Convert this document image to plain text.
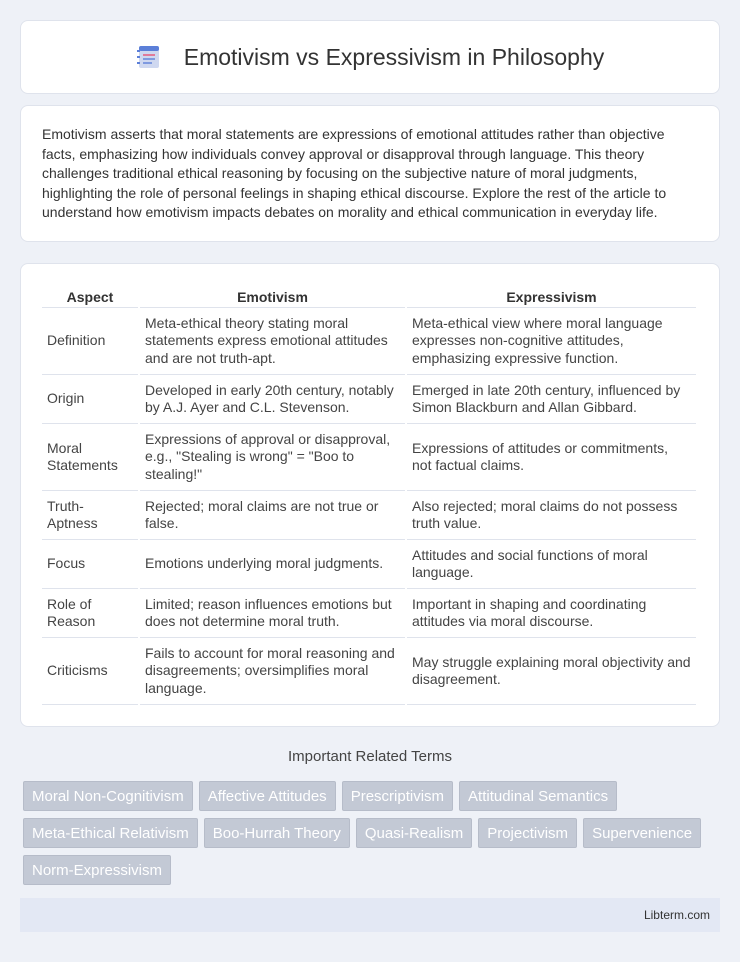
Emotivism vs Expressivism in Philosophy

Emotivism asserts that moral statements are expressions of emotional attitudes rather than objective facts, emphasizing how individuals convey approval or disapproval through language. This theory challenges traditional ethical reasoning by focusing on the subjective nature of moral judgments, highlighting the role of personal feelings in shaping ethical discourse. Explore the rest of the article to understand how emotivism impacts debates on morality and ethical communication in everyday life.

Aspect	Emotivism	Expressivism
Definition	Meta-ethical theory stating moral statements express emotional attitudes and are not truth-apt.	Meta-ethical view where moral language expresses non-cognitive attitudes, emphasizing expressive function.
Origin	Developed in early 20th century, notably by A.J. Ayer and C.L. Stevenson.	Emerged in late 20th century, influenced by Simon Blackburn and Allan Gibbard.
Moral Statements	Expressions of approval or disapproval, e.g., "Stealing is wrong" = "Boo to stealing!"	Expressions of attitudes or commitments, not factual claims.
Truth-Aptness	Rejected; moral claims are not true or false.	Also rejected; moral claims do not possess truth value.
Focus	Emotions underlying moral judgments.	Attitudes and social functions of moral language.
Role of Reason	Limited; reason influences emotions but does not determine moral truth.	Important in shaping and coordinating attitudes via moral discourse.
Criticisms	Fails to account for moral reasoning and disagreements; oversimplifies moral language.	May struggle explaining moral objectivity and disagreement.
Important Related Terms
Moral Non-Cognitivism	Affective Attitudes	Prescriptivism	Attitudinal Semantics
Meta-Ethical Relativism	Boo-Hurrah Theory	Quasi-Realism	Projectivism	Supervenience
Norm-Expressivism
Libterm.com
